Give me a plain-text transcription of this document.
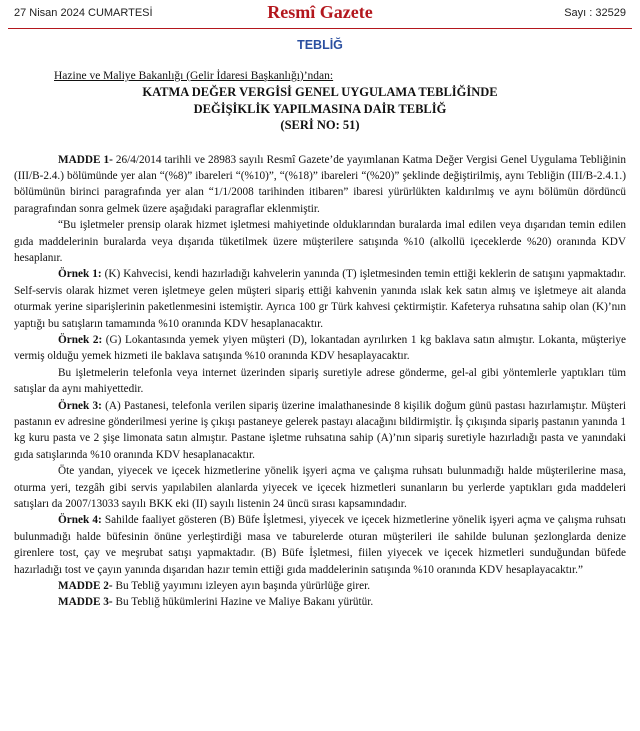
27 Nisan 2024 CUMARTESİ	Resmî Gazete	Sayı : 32529
TEBLİĞ
Hazine ve Maliye Bakanlığı (Gelir İdaresi Başkanlığı)’ndan:
KATMA DEĞER VERGİSİ GENEL UYGULAMA TEBLİĞİNDE
DEĞİŞİKLİK YAPILMASINA DAİR TEBLİĞ
(SERİ NO: 51)

MADDE 1- 26/4/2014 tarihli ve 28983 sayılı Resmî Gazete’de yayımlanan Katma Değer Vergisi Genel Uygulama Tebliğinin (III/B-2.4.) bölümünde yer alan “(%8)” ibareleri “(%10)”, “(%18)” ibareleri “(%20)” şeklinde değiştirilmiş, aynı Tebliğin (III/B-2.4.1.) bölümünün birinci paragrafında yer alan “1/1/2008 tarihinden itibaren” ibaresi yürürlükten kaldırılmış ve aynı bölümün dördüncü paragrafından sonra gelmek üzere aşağıdaki paragraflar eklenmiştir.

“Bu işletmeler prensip olarak hizmet işletmesi mahiyetinde olduklarından buralarda imal edilen veya dışarıdan temin edilen gıda maddelerinin buralarda veya dışarıda tüketilmek üzere müşterilere satışında %10 (alkollü içeceklerde %20) oranında KDV hesaplanır.

Örnek 1: (K) Kahvecisi, kendi hazırladığı kahvelerin yanında (T) işletmesinden temin ettiği keklerin de satışını yapmaktadır. Self-servis olarak hizmet veren işletmeye gelen müşteri sipariş ettiği kahvenin yanında ıslak kek satın almış ve işletmeye ait alanda oturmak yerine siparişlerinin paketlenmesini istemiştir. Ayrıca 100 gr Türk kahvesi çektirmiştir. Kafeterya ruhsatına sahip olan (K)’nın yaptığı bu satışların tamamında %10 oranında KDV hesaplanacaktır.

Örnek 2: (G) Lokantasında yemek yiyen müşteri (D), lokantadan ayrılırken 1 kg baklava satın almıştır. Lokanta, müşteriye vermiş olduğu yemek hizmeti ile baklava satışında %10 oranında KDV hesaplayacaktır.

Bu işletmelerin telefonla veya internet üzerinden sipariş suretiyle adrese gönderme, gel-al gibi yöntemlerle yaptıkları tüm satışlar da aynı mahiyettedir.

Örnek 3: (A) Pastanesi, telefonla verilen sipariş üzerine imalathanesinde 8 kişilik doğum günü pastası hazırlamıştır. Müşteri pastanın ev adresine gönderilmesi yerine iş çıkışı pastaneye gelerek pastayı alacağını bildirmiştir. İş çıkışında sipariş pastanın yanında 1 kg kuru pasta ve 2 şişe limonata satın almıştır. Pastane işletme ruhsatına sahip (A)’nın sipariş suretiyle hazırladığı pasta ve yanındaki gıda satışlarında %10 oranında KDV hesaplanacaktır.

Öte yandan, yiyecek ve içecek hizmetlerine yönelik işyeri açma ve çalışma ruhsatı bulunmadığı halde müşterilerine masa, oturma yeri, tezgâh gibi servis yapılabilen alanlarda yiyecek ve içecek hizmetleri sunanların bu yerlerde yaptıkları gıda maddeleri satışları da 2007/13033 sayılı BKK eki (II) sayılı listenin 24 üncü sırası kapsamındadır.

Örnek 4: Sahilde faaliyet gösteren (B) Büfe İşletmesi, yiyecek ve içecek hizmetlerine yönelik işyeri açma ve çalışma ruhsatı bulunmadığı halde büfesinin önüne yerleştirdiği masa ve taburelerde oturan müşterileri ile sahilde bulunan şezlonglarda denize girenlere tost, çay ve meşrubat satışı yapmaktadır. (B) Büfe İşletmesi, fiilen yiyecek ve içecek hizmetleri sunduğundan büfede hazırladığı tost ve çayın yanında dışarıdan hazır temin ettiği gıda maddelerinin satışında %10 oranında KDV hesaplayacaktır.”

MADDE 2- Bu Tebliğ yayımını izleyen ayın başında yürürlüğe girer.

MADDE 3- Bu Tebliğ hükümlerini Hazine ve Maliye Bakanı yürütür.
